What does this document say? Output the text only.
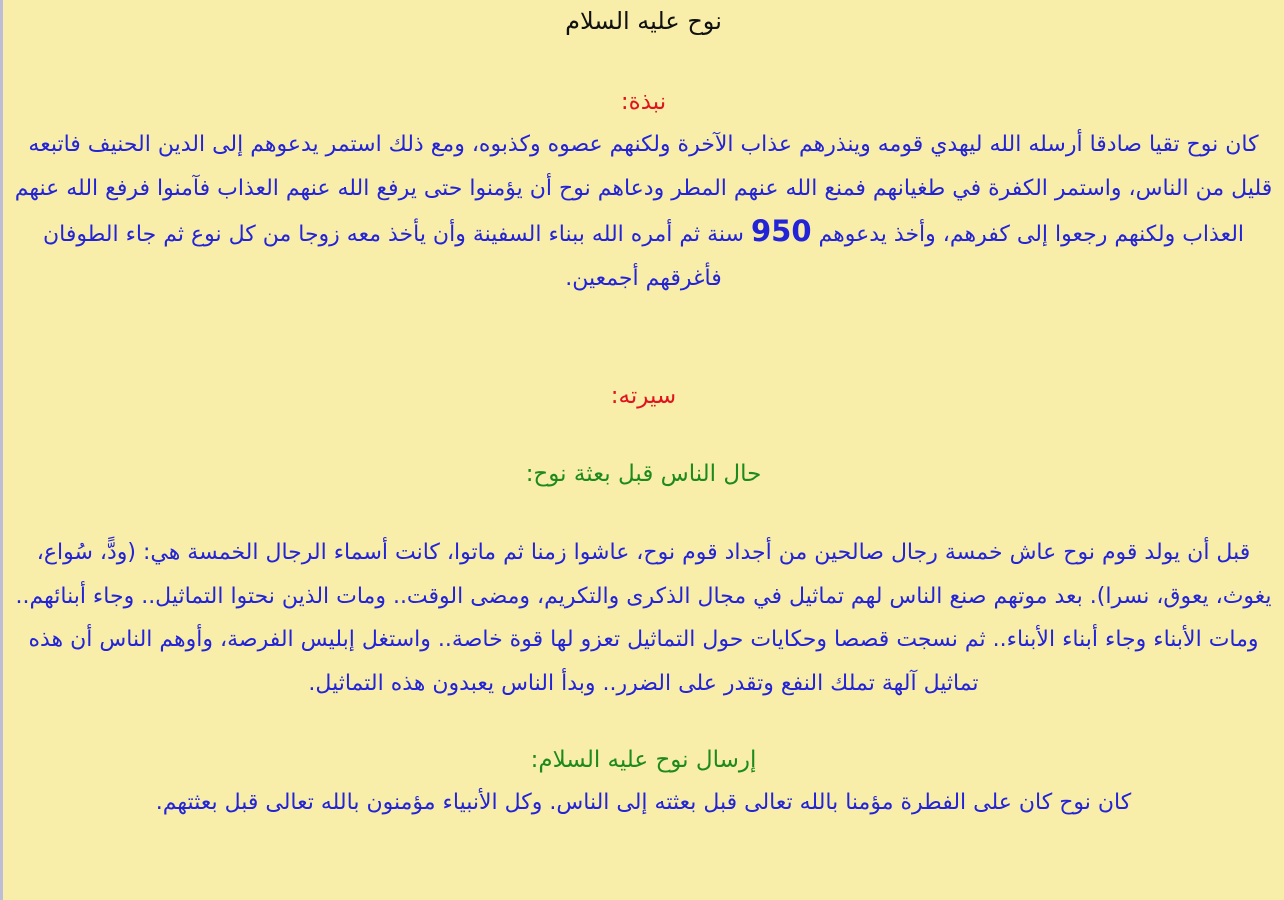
نوح عليه السلام

نبذة:

كان نوح تقيا صادقا أرسله الله ليهدي قومه وينذرهم عذاب الآخرة ولكنهم عصوه وكذبوه، ومع ذلك استمر يدعوهم إلى الدين الحنيف فاتبعه قليل من الناس، واستمر الكفرة في طغيانهم فمنع الله عنهم المطر ودعاهم نوح أن يؤمنوا حتى يرفع الله عنهم العذاب فآمنوا فرفع الله عنهم العذاب ولكنهم رجعوا إلى كفرهم، وأخذ يدعوهم 950 سنة ثم أمره الله ببناء السفينة وأن يأخذ معه زوجا من كل نوع ثم جاء الطوفان فأغرقهم أجمعين.

سيرته:

حال الناس قبل بعثة نوح:

قبل أن يولد قوم نوح عاش خمسة رجال صالحين من أجداد قوم نوح، عاشوا زمنا ثم ماتوا، كانت أسماء الرجال الخمسة هي: (ودًّ، سُواع، يغوث، يعوق، نسرا). بعد موتهم صنع الناس لهم تماثيل في مجال الذكرى والتكريم، ومضى الوقت.. ومات الذين نحتوا التماثيل.. وجاء أبنائهم.. ومات الأبناء وجاء أبناء الأبناء.. ثم نسجت قصصا وحكايات حول التماثيل تعزو لها قوة خاصة.. واستغل إبليس الفرصة، وأوهم الناس أن هذه تماثيل آلهة تملك النفع وتقدر على الضرر.. وبدأ الناس يعبدون هذه التماثيل.

إرسال نوح عليه السلام:

كان نوح كان على الفطرة مؤمنا بالله تعالى قبل بعثته إلى الناس. وكل الأنبياء مؤمنون بالله تعالى قبل بعثتهم.
